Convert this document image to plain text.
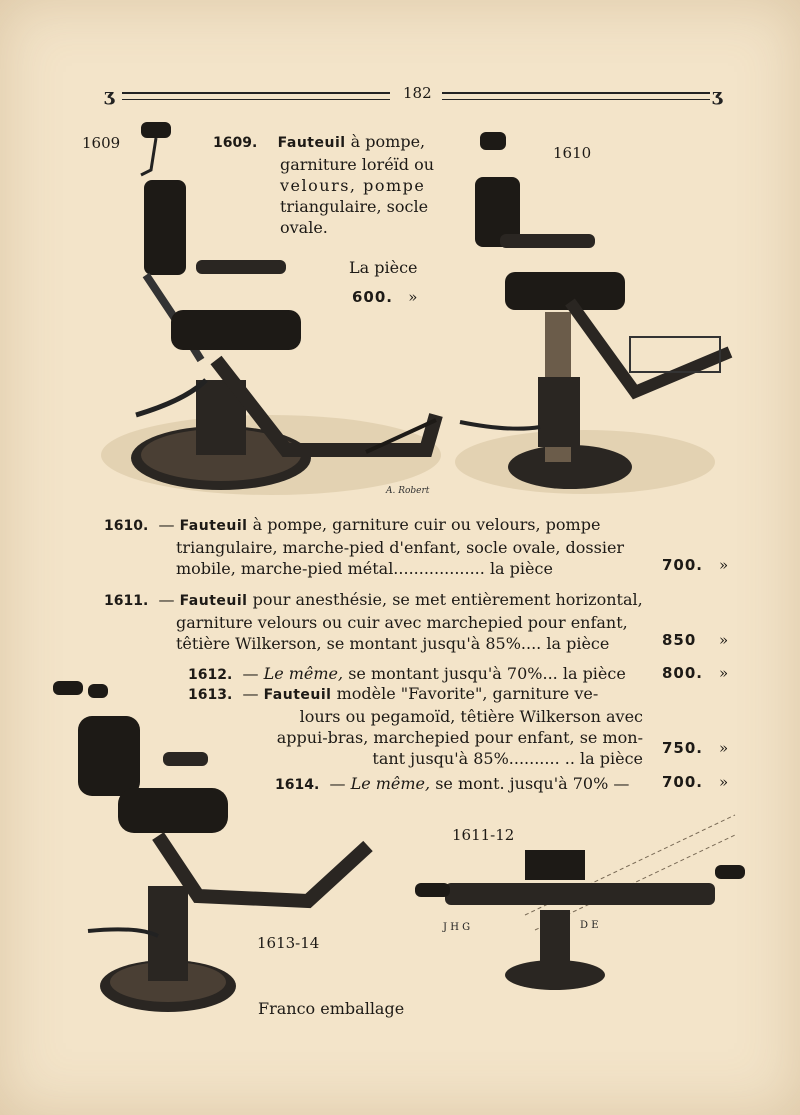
ʒ	182	ʒ
1609
A. Robert
1609. Fauteuil à pompe,
garniture loréïd ou
velours, pompe
triangulaire, socle
ovale.
La pièce
600. »
1610
1610. — Fauteuil à pompe, garniture cuir ou velours, pompe
triangulaire, marche-pied d'enfant, socle ovale, dossier
mobile, marche-pied métal.................. la pièce	700. »
1611. — Fauteuil pour anesthésie, se met entièrement horizontal,
garniture velours ou cuir avec marchepied pour enfant,
têtière Wilkerson, se montant jusqu'à 85%.... la pièce	850 »
1612. — Le même, se montant jusqu'à 70%... la pièce	800. »
1613. — Fauteuil modèle "Favorite", garniture ve-
lours ou pegamoïd, têtière Wilkerson avec
appui-bras, marchepied pour enfant, se mon-
tant jusqu'à 85%.......... .. la pièce
750. »
1614. — Le même, se mont. jusqu'à 70% —	700. »
1613-14
1611-12
J H G	D E
Franco emballage
